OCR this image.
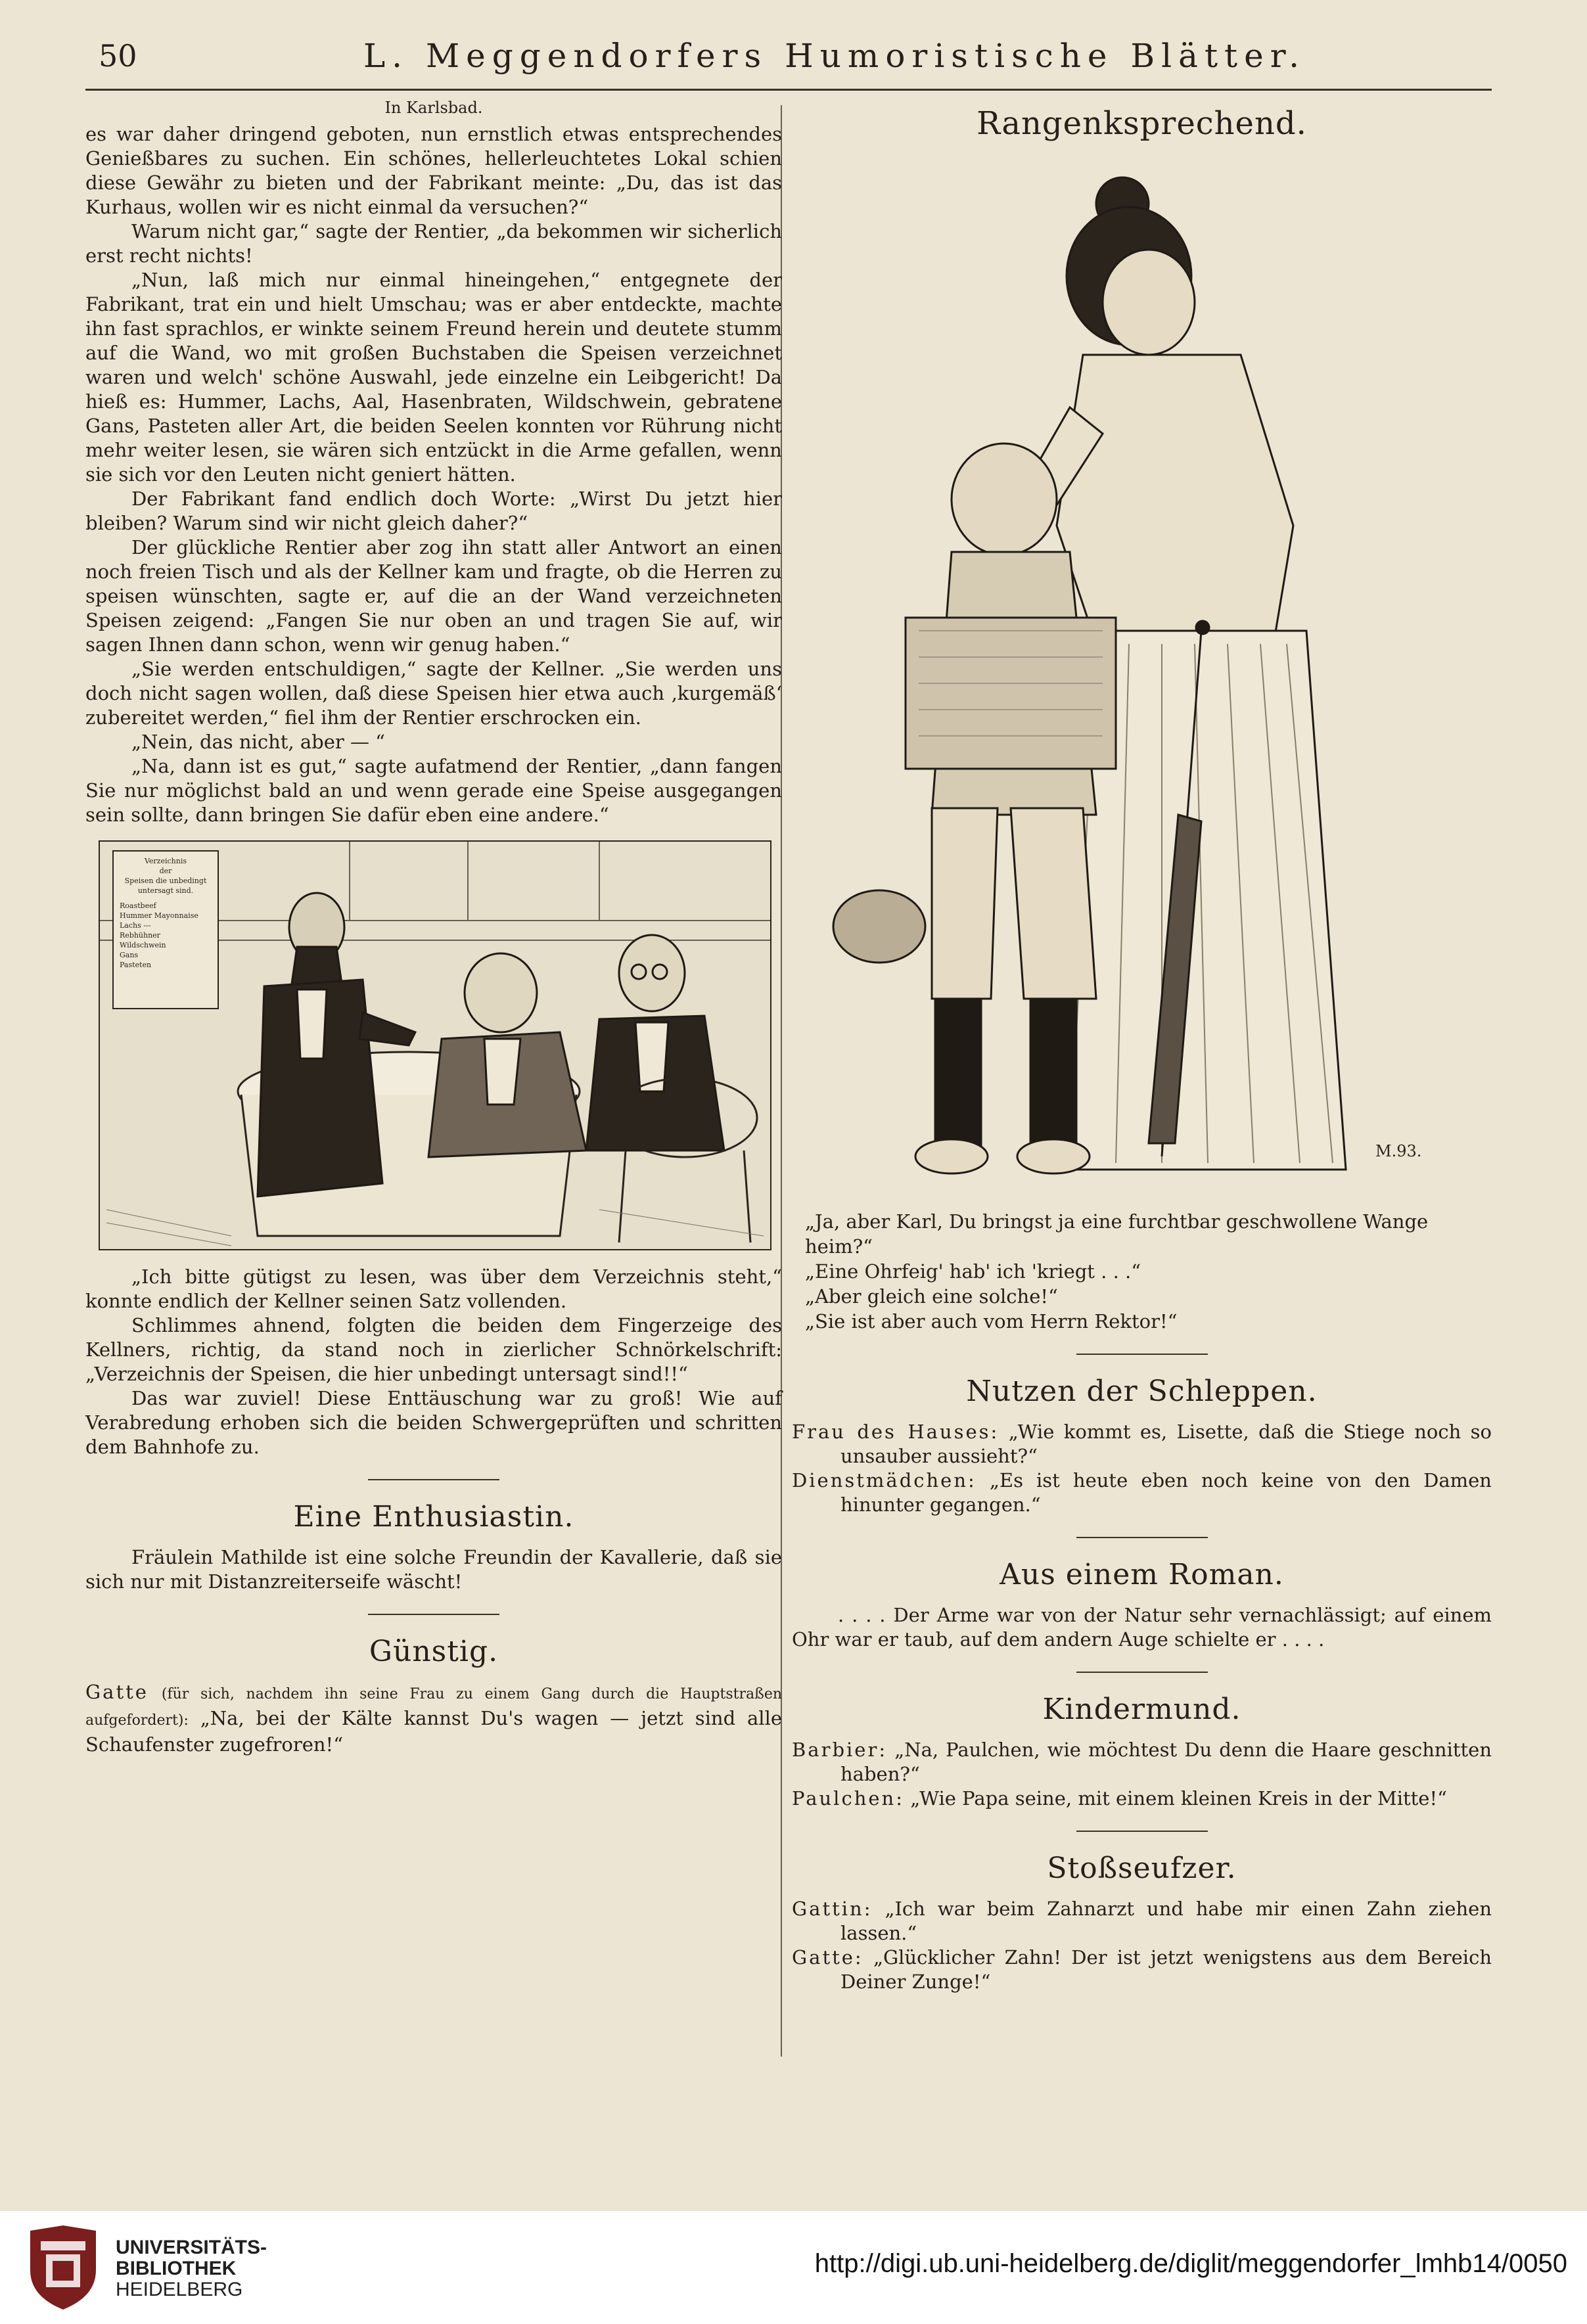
50	L. Meggendorfers Humoristische Blätter.
In Karlsbad.

es war daher dringend geboten, nun ernstlich etwas entsprechendes Genießbares zu suchen. Ein schönes, hellerleuchtetes Lokal schien diese Gewähr zu bieten und der Fabrikant meinte: „Du, das ist das Kurhaus, wollen wir es nicht einmal da versuchen?“

Warum nicht gar,“ sagte der Rentier, „da bekommen wir sicherlich erst recht nichts!

„Nun, laß mich nur einmal hineingehen,“ entgegnete der Fabrikant, trat ein und hielt Umschau; was er aber entdeckte, machte ihn fast sprachlos, er winkte seinem Freund herein und deutete stumm auf die Wand, wo mit großen Buchstaben die Speisen verzeichnet waren und welch' schöne Auswahl, jede einzelne ein Leibgericht! Da hieß es: Hummer, Lachs, Aal, Hasenbraten, Wildschwein, gebratene Gans, Pasteten aller Art, die beiden Seelen konnten vor Rührung nicht mehr weiter lesen, sie wären sich entzückt in die Arme gefallen, wenn sie sich vor den Leuten nicht geniert hätten.

Der Fabrikant fand endlich doch Worte: „Wirst Du jetzt hier bleiben? Warum sind wir nicht gleich daher?“

Der glückliche Rentier aber zog ihn statt aller Antwort an einen noch freien Tisch und als der Kellner kam und fragte, ob die Herren zu speisen wünschten, sagte er, auf die an der Wand verzeichneten Speisen zeigend: „Fangen Sie nur oben an und tragen Sie auf, wir sagen Ihnen dann schon, wenn wir genug haben.“

„Sie werden entschuldigen,“ sagte der Kellner. „Sie werden uns doch nicht sagen wollen, daß diese Speisen hier etwa auch ‚kurgemäß‘ zubereitet werden,“ fiel ihm der Rentier erschrocken ein.

„Nein, das nicht, aber — “

„Na, dann ist es gut,“ sagte aufatmend der Rentier, „dann fangen Sie nur möglichst bald an und wenn gerade eine Speise ausgegangen sein sollte, dann bringen Sie dafür eben eine andere.“

Verzeichnis
der
Speisen die unbedingt
untersagt sind.
Roastbeef
Hummer Mayonnaise
Lachs ---
Rebhühner
Wildschwein
Gans
Pasteten

„Ich bitte gütigst zu lesen, was über dem Verzeichnis steht,“ konnte endlich der Kellner seinen Satz vollenden.

Schlimmes ahnend, folgten die beiden dem Fingerzeige des Kellners, richtig, da stand noch in zierlicher Schnörkelschrift: „Verzeichnis der Speisen, die hier unbedingt untersagt sind!!“

Das war zuviel! Diese Enttäuschung war zu groß! Wie auf Verabredung erhoben sich die beiden Schwergeprüften und schritten dem Bahnhofe zu.

Eine Enthusiastin.

Fräulein Mathilde ist eine solche Freundin der Kavallerie, daß sie sich nur mit Distanzreiterseife wäscht!

Günstig.

Gatte (für sich, nachdem ihn seine Frau zu einem Gang durch die Hauptstraßen aufgefordert): „Na, bei der Kälte kannst Du's wagen — jetzt sind alle Schaufenster zugefroren!“

Rangenksprechend.
M.93.
„Ja, aber Karl, Du bringst ja eine furchtbar geschwollene Wange heim?“
„Eine Ohrfeig' hab' ich 'kriegt . . .“
„Aber gleich eine solche!“
„Sie ist aber auch vom Herrn Rektor!“
Nutzen der Schleppen.
Frau des Hauses: „Wie kommt es, Lisette, daß die Stiege noch so unsauber aussieht?“
Dienstmädchen: „Es ist heute eben noch keine von den Damen hinunter gegangen.“
Aus einem Roman.

. . . . Der Arme war von der Natur sehr vernachlässigt; auf einem Ohr war er taub, auf dem andern Auge schielte er . . . .

Kindermund.
Barbier: „Na, Paulchen, wie möchtest Du denn die Haare geschnitten haben?“
Paulchen: „Wie Papa seine, mit einem kleinen Kreis in der Mitte!“
Stoßseufzer.
Gattin: „Ich war beim Zahnarzt und habe mir einen Zahn ziehen lassen.“
Gatte: „Glücklicher Zahn! Der ist jetzt wenigstens aus dem Bereich Deiner Zunge!“
UNIVERSITÄTS-
BIBLIOTHEK
HEIDELBERG
http://digi.ub.uni-heidelberg.de/diglit/meggendorfer_lmhb14/0050
